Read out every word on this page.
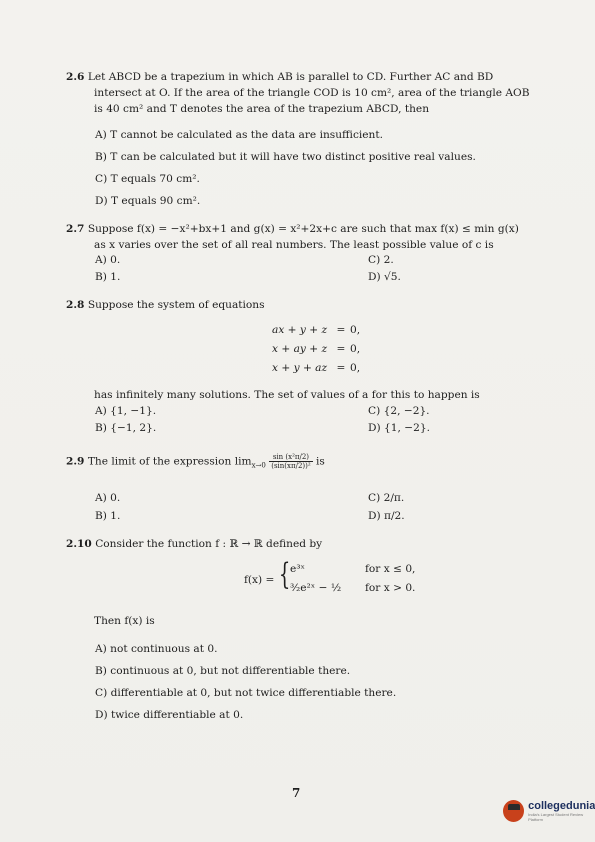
2.6 Let ABCD be a trapezium in which AB is parallel to CD. Further AC and BD
intersect at O. If the area of the triangle COD is 10 cm², area of the triangle AOB
is 40 cm² and T denotes the area of the trapezium ABCD, then
A) T cannot be calculated as the data are insufficient.
B) T can be calculated but it will have two distinct positive real values.
C) T equals 70 cm².
D) T equals 90 cm².
2.7 Suppose f(x) = −x²+bx+1 and g(x) = x²+2x+c are such that max f(x) ≤ min g(x)
as x varies over the set of all real numbers. The least possible value of c is
A) 0.	C) 2.
B) 1.	D) √5.
2.8 Suppose the system of equations
ax + y + z = 0,
x + ay + z = 0,
x + y + az = 0,
has infinitely many solutions. The set of values of a for this to happen is
A) {1, −1}.	C) {2, −2}.
B) {−1, 2}.	D) {1, −2}.
2.9 The limit of the expression $\lim_{x\to 0} \frac{\text{sin (x²π/2)}}{\text{(sin(xπ/2))²}}$ is
A) 0.	C) 2/π.
B) 1.	D) π/2.
2.10 Consider the function f : ℝ → ℝ defined by
f(x) = { e³ˣ	for x ≤ 0,
³⁄₂e²ˣ − ½ for x > 0.
Then f(x) is
A) not continuous at 0.
B) continuous at 0, but not differentiable there.
C) differentiable at 0, but not twice differentiable there.
D) twice differentiable at 0.
7
collegedunia
India's Largest Student Review Platform
